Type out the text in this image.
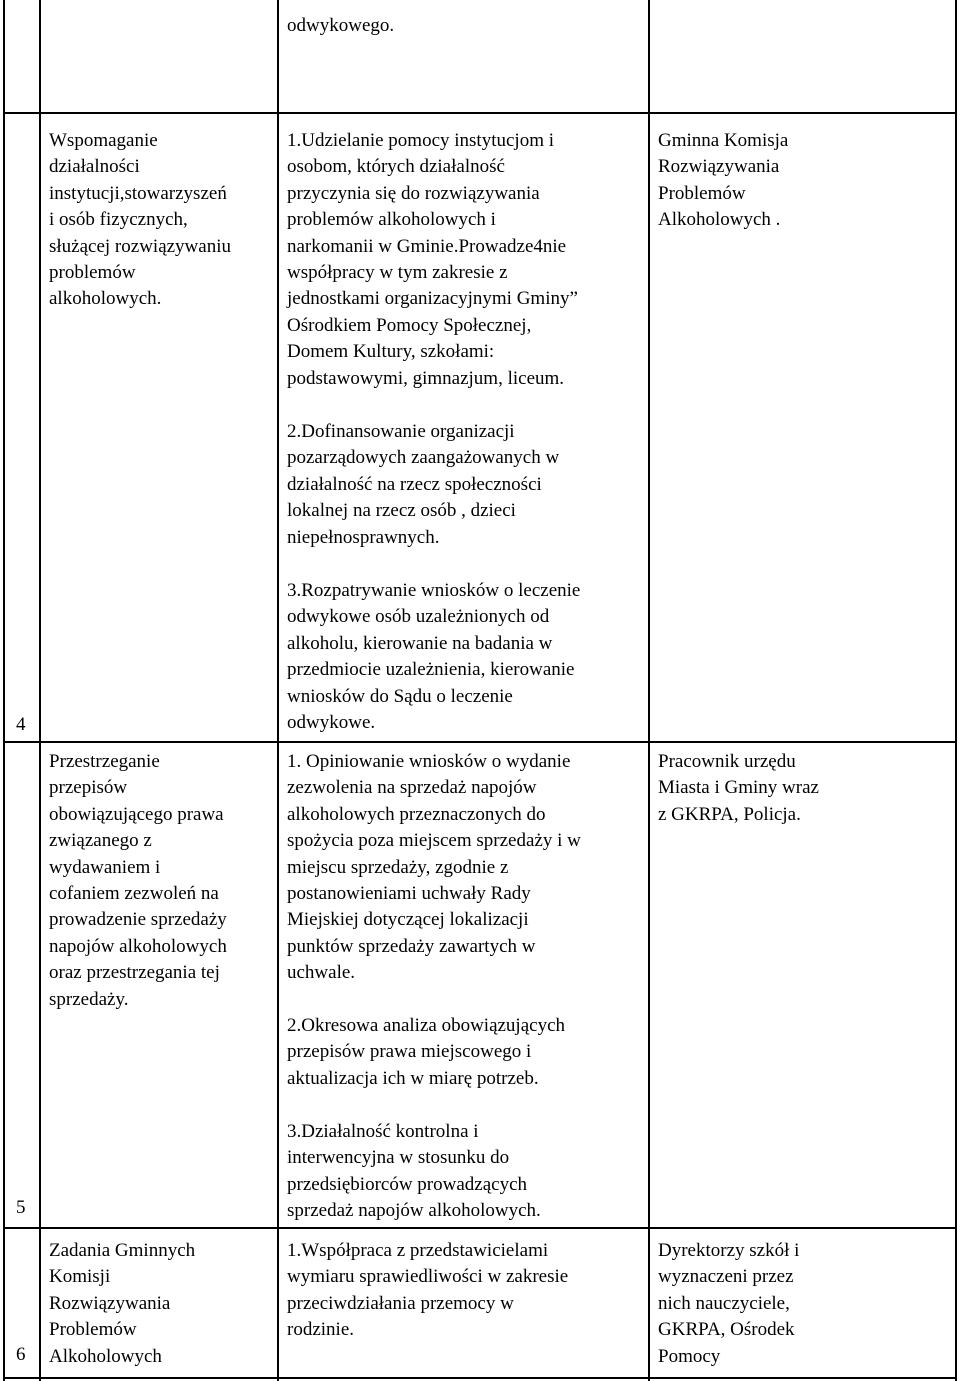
odwykowego.
4
Wspomaganie
działalności
instytucji,stowarzyszeń
i osób fizycznych,
służącej rozwiązywaniu
problemów
alkoholowych.
1.Udzielanie pomocy instytucjom i
osobom, których działalność
przyczynia się do rozwiązywania
problemów alkoholowych i
narkomanii w Gminie.Prowadze4nie
współpracy w tym zakresie z
jednostkami organizacyjnymi Gminy”
Ośrodkiem Pomocy Społecznej,
Domem Kultury, szkołami:
podstawowymi, gimnazjum, liceum.
2.Dofinansowanie organizacji
pozarządowych zaangażowanych w
działalność na rzecz społeczności
lokalnej na rzecz osób , dzieci
niepełnosprawnych.
3.Rozpatrywanie wniosków o leczenie
odwykowe osób uzależnionych od
alkoholu, kierowanie na badania w
przedmiocie uzależnienia, kierowanie
wniosków do Sądu o leczenie
odwykowe.
Gminna Komisja
Rozwiązywania
Problemów
Alkoholowych .
5
Przestrzeganie
przepisów
obowiązującego prawa
związanego z
wydawaniem i
cofaniem zezwoleń na
prowadzenie sprzedaży
napojów alkoholowych
oraz przestrzegania tej
sprzedaży.
1. Opiniowanie wniosków o wydanie
zezwolenia na sprzedaż napojów
alkoholowych przeznaczonych do
spożycia poza miejscem sprzedaży i w
miejscu sprzedaży, zgodnie z
postanowieniami uchwały Rady
Miejskiej dotyczącej lokalizacji
punktów sprzedaży zawartych w
uchwale.
2.Okresowa analiza obowiązujących
przepisów prawa miejscowego i
aktualizacja ich w miarę potrzeb.
3.Działalność kontrolna i
interwencyjna w stosunku do
przedsiębiorców prowadzących
sprzedaż napojów alkoholowych.
Pracownik urzędu
Miasta i Gminy wraz
z GKRPA, Policja.
6
Zadania Gminnych
Komisji
Rozwiązywania
Problemów
Alkoholowych
1.Współpraca z przedstawicielami
wymiaru sprawiedliwości w zakresie
przeciwdziałania przemocy w
rodzinie.
Dyrektorzy szkół i
wyznaczeni przez
nich nauczyciele,
GKRPA, Ośrodek
Pomocy
